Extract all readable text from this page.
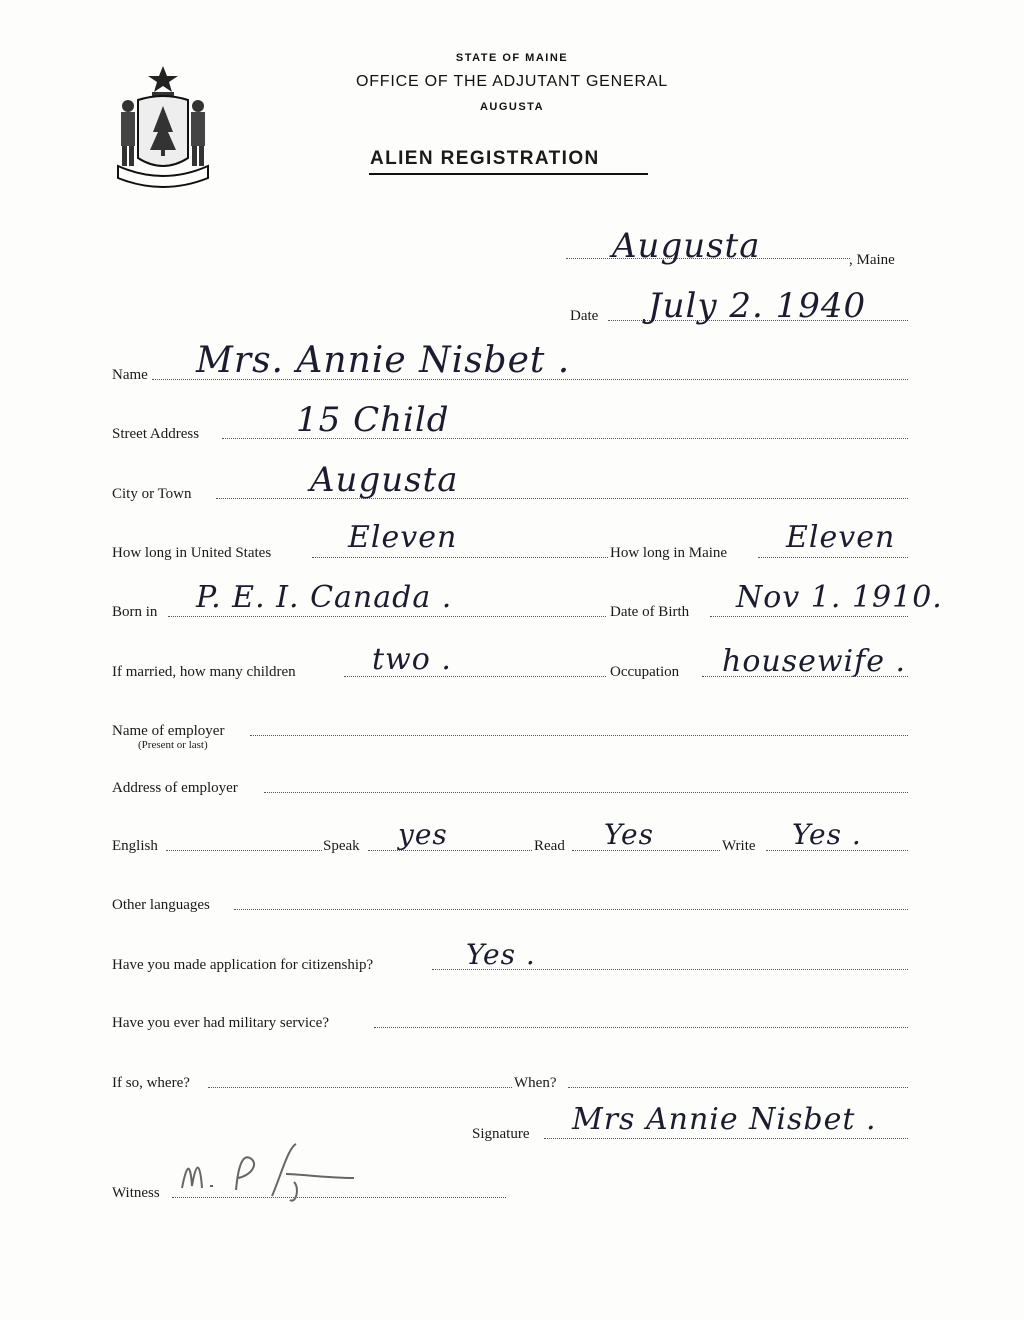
STATE OF MAINE
OFFICE OF THE ADJUTANT GENERAL
AUGUSTA
ALIEN REGISTRATION
Augusta	, Maine
Date July 2. 1940
Name Mrs. Annie Nisbet .
Street Address	15 Child
City or Town	Augusta
How long in United States	Eleven	How long in Maine Eleven
Born in P. E. I. Canada .	Date of Birth Nov 1. 1910.
If married, how many children	two .	Occupation housewife .
Name of employer
(Present or last)
Address of employer
English	Speak yes	Read Yes	Write Yes .
Other languages
Have you made application for citizenship?	Yes .
Have you ever had military service?
If so, where?	When?
Signature Mrs Annie Nisbet .
Witness
